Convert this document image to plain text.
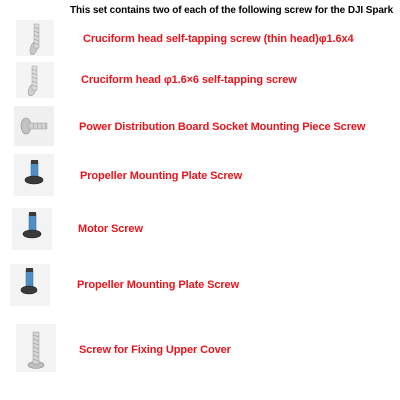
This set contains two of each of the following screw for the DJI Spark
Cruciform head self-tapping screw (thin head)φ1.6x4
Cruciform head φ1.6×6 self-tapping screw
Power Distribution Board Socket Mounting Piece Screw
Propeller Mounting Plate Screw
Motor Screw
Propeller Mounting Plate Screw
Screw for Fixing Upper Cover
